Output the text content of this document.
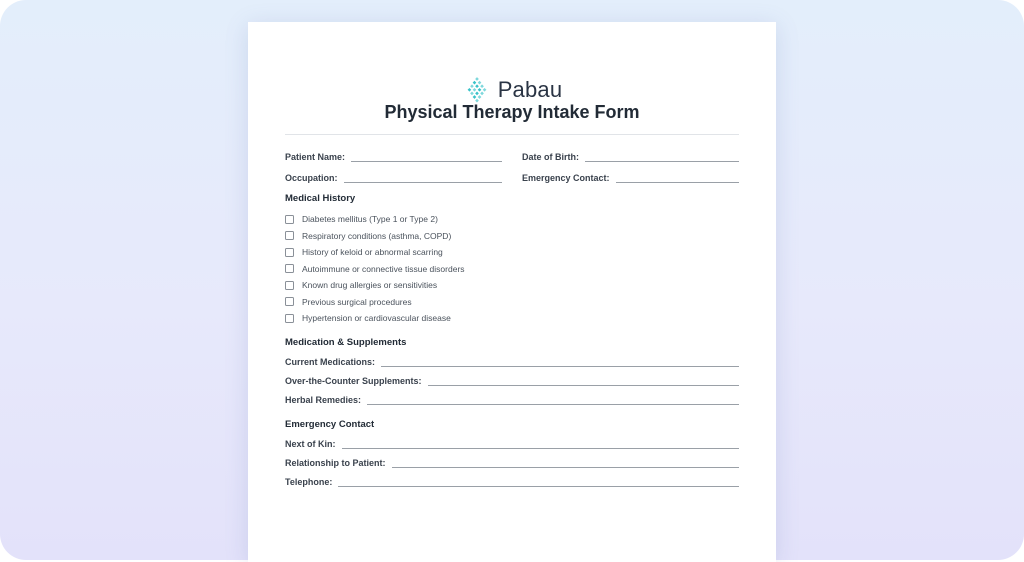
Pabau
Physical Therapy Intake Form
Patient Name:	Date of Birth:
Occupation:	Emergency Contact:
Medical History
Diabetes mellitus (Type 1 or Type 2)
Respiratory conditions (asthma, COPD)
History of keloid or abnormal scarring
Autoimmune or connective tissue disorders
Known drug allergies or sensitivities
Previous surgical procedures
Hypertension or cardiovascular disease
Medication & Supplements
Current Medications:
Over-the-Counter Supplements:
Herbal Remedies:
Emergency Contact
Next of Kin:
Relationship to Patient:
Telephone:
